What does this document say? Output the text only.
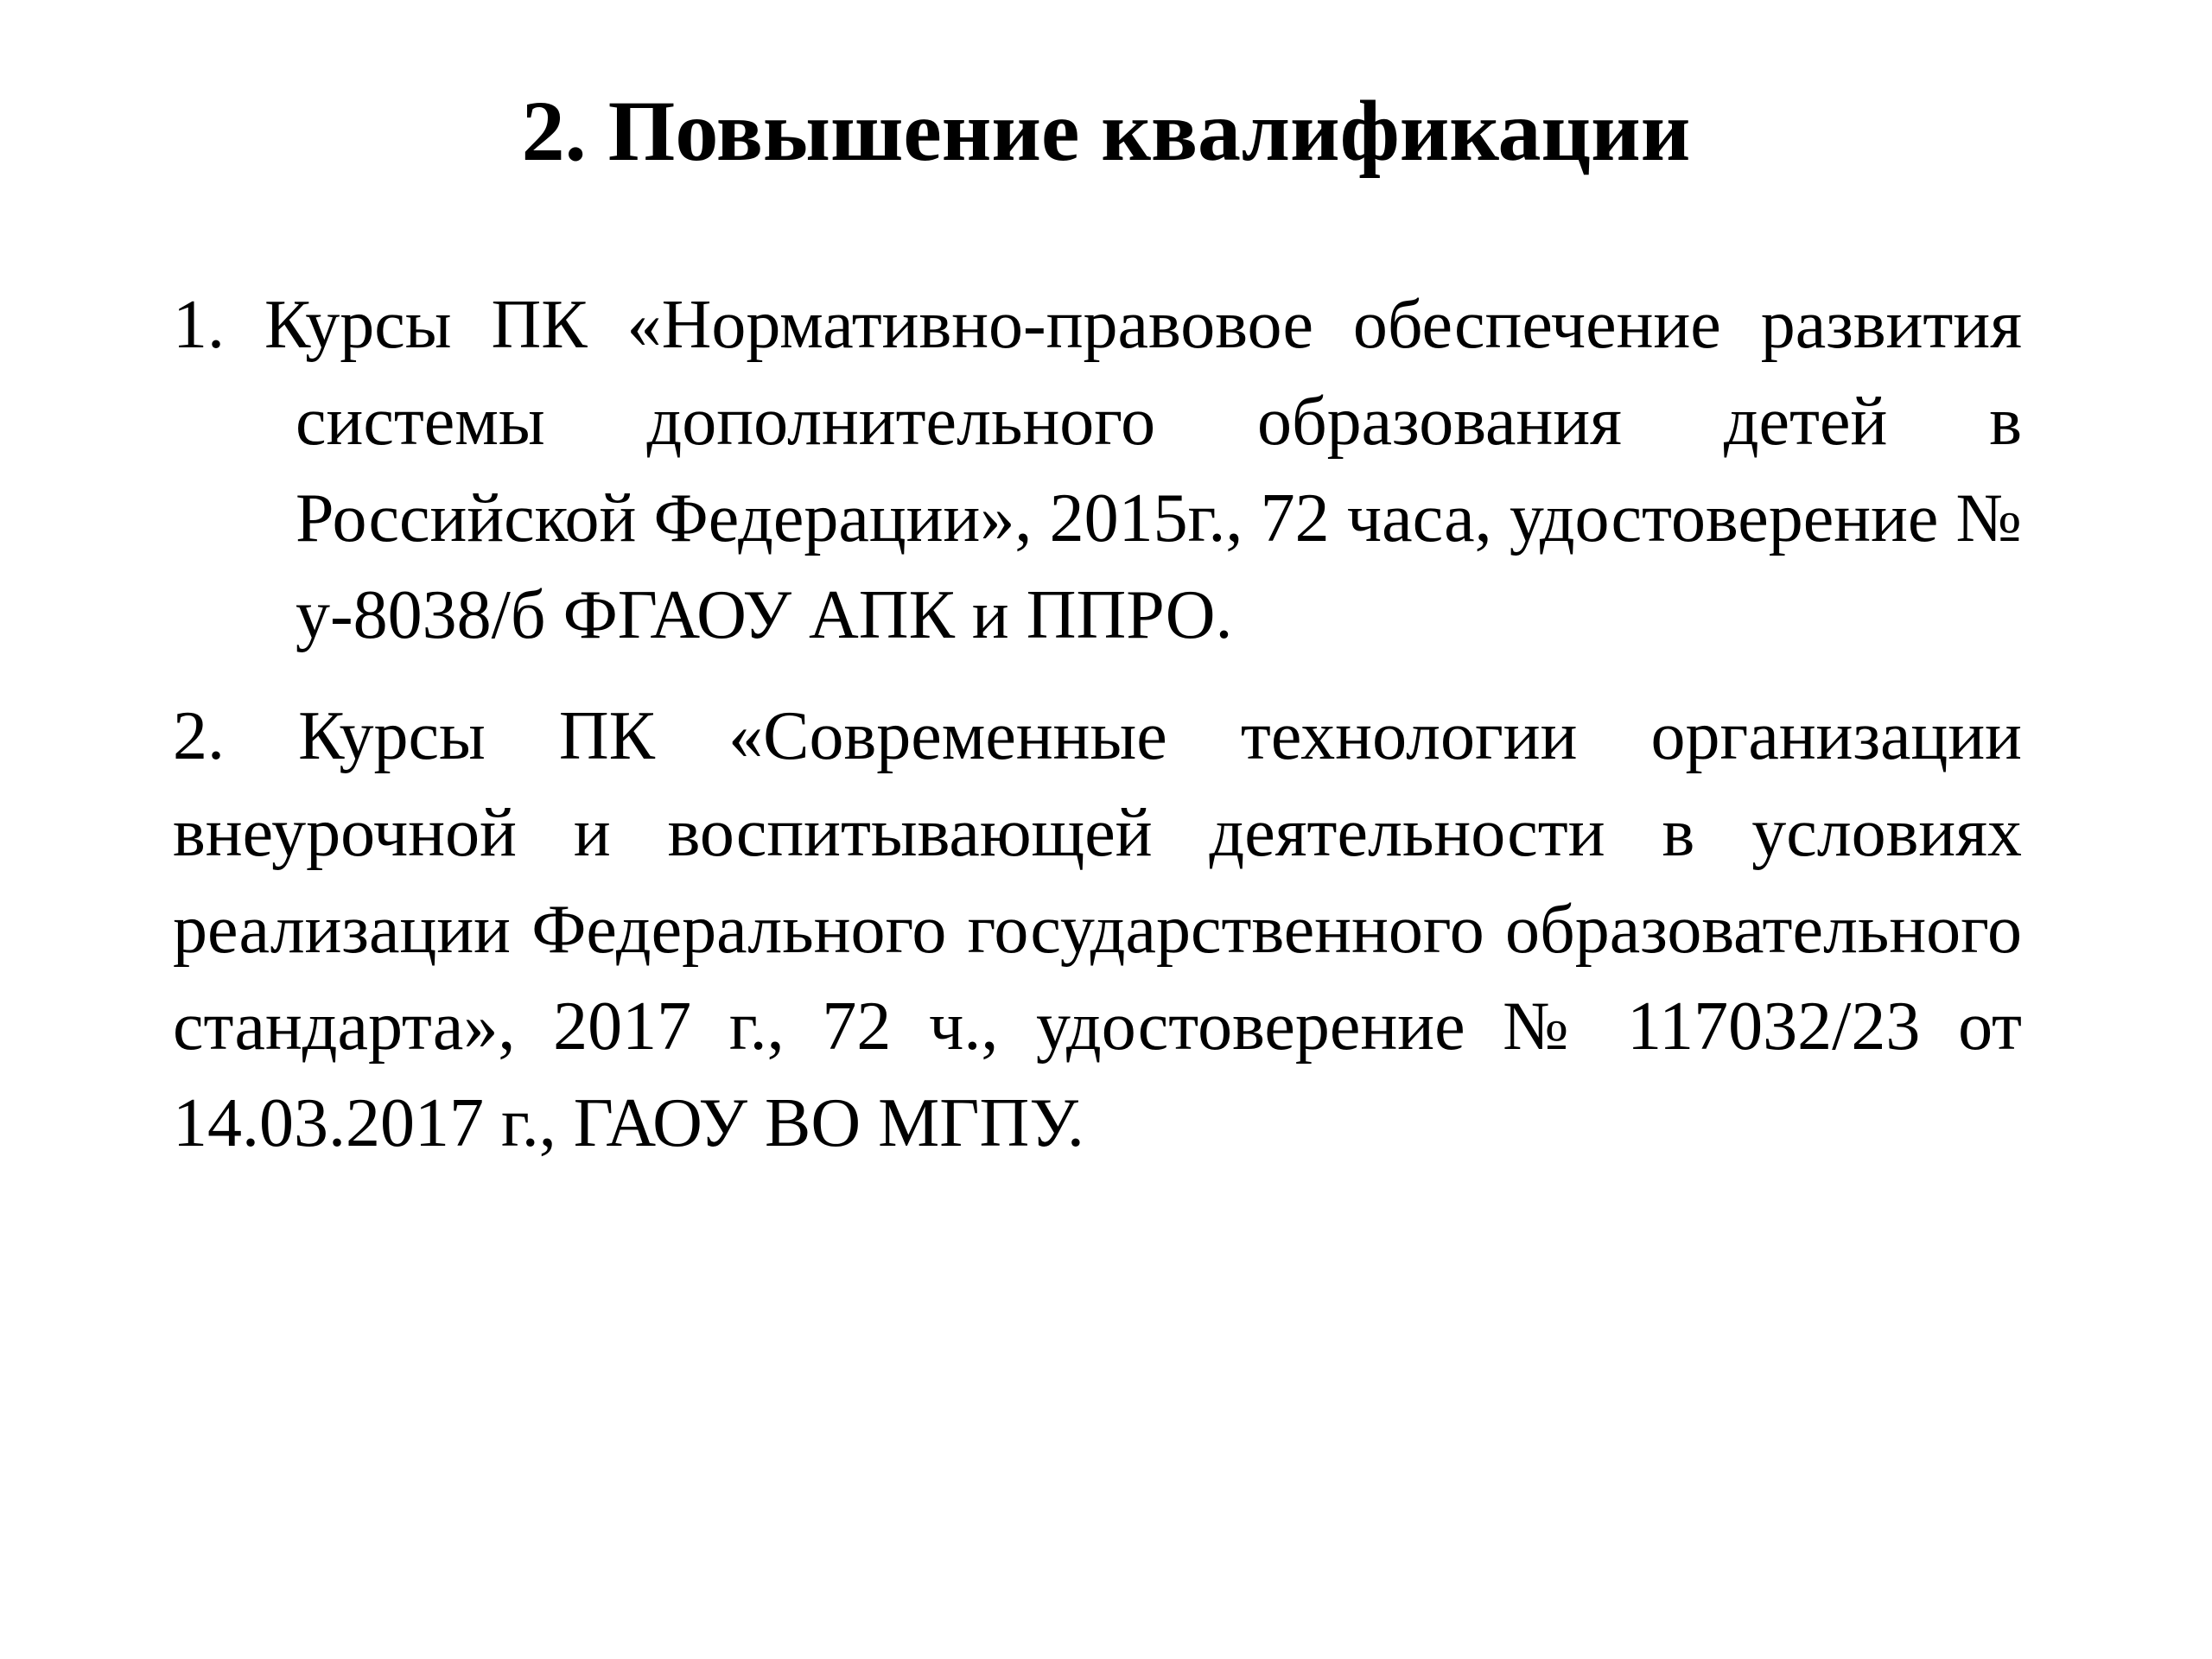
2. Повышение квалификации

1. Курсы ПК «Нормативно-правовое обеспечение развития системы дополнительного образования детей в Российской Федерации», 2015г., 72 часа, удостоверение № у-8038/б ФГАОУ АПК и ППРО.

2. Курсы ПК «Современные технологии организации внеурочной и воспитывающей деятельности в условиях реализации Федерального государственного образовательного стандарта», 2017 г., 72 ч., удостоверение № 117032/23 от 14.03.2017 г., ГАОУ ВО МГПУ.
